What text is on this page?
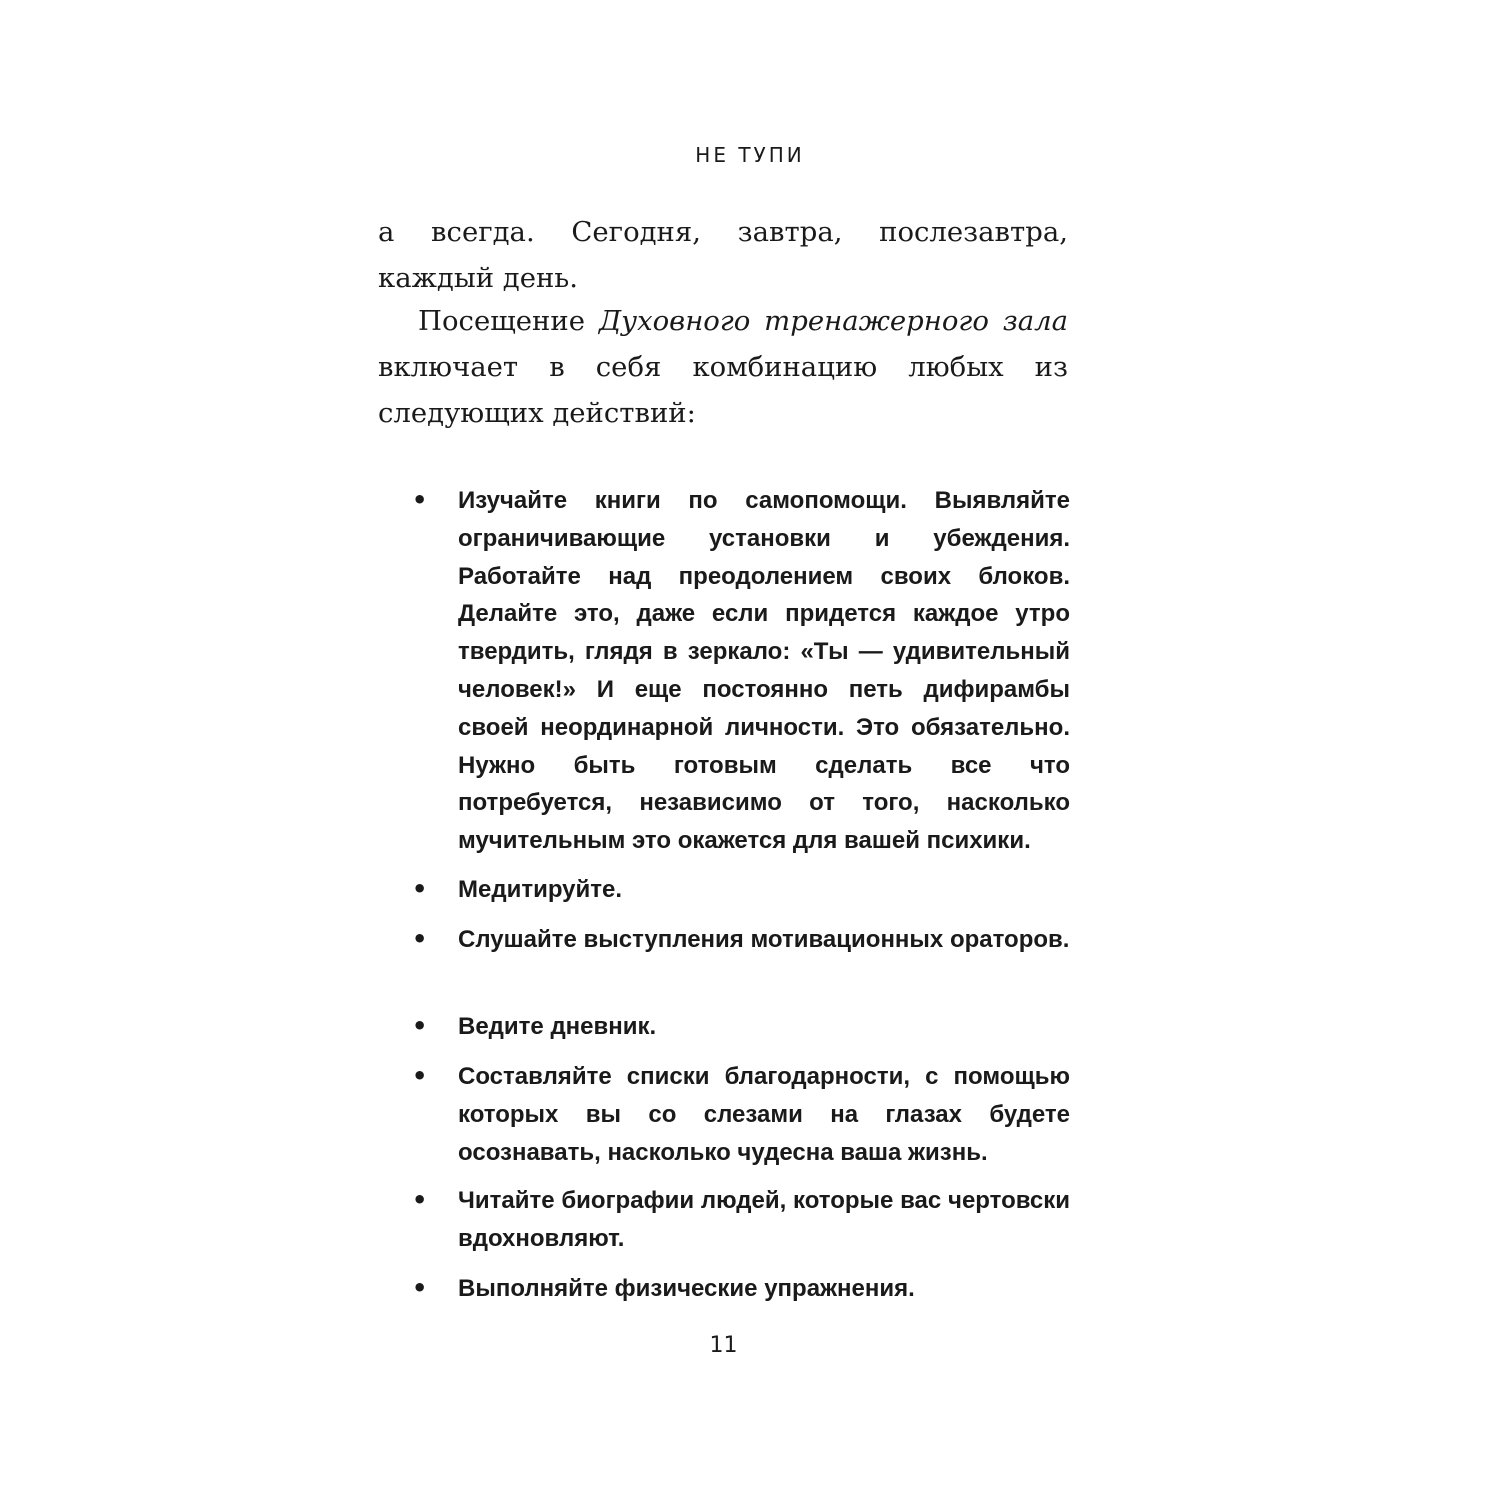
НЕ ТУПИ

а всегда. Сегодня, завтра, послезавтра, каждый день.

Посещение Духовного тренажерного зала включает в себя комбинацию любых из следующих действий:

• Изучайте книги по самопомощи. Выявляйте ограничивающие установки и убеждения. Работайте над преодолением своих блоков. Делайте это, даже если придется каждое утро твердить, глядя в зеркало: «Ты — удивительный человек!» И еще постоянно петь дифирамбы своей неординарной личности. Это обязательно. Нужно быть готовым сделать все что потребуется, независимо от того, насколько мучительным это окажется для вашей психики.

• Медитируйте.

• Слушайте выступления мотивационных ораторов.

• Ведите дневник.

• Составляйте списки благодарности, с помощью которых вы со слезами на глазах будете осознавать, насколько чудесна ваша жизнь.

• Читайте биографии людей, которые вас чертовски вдохновляют.

• Выполняйте физические упражнения.

11
